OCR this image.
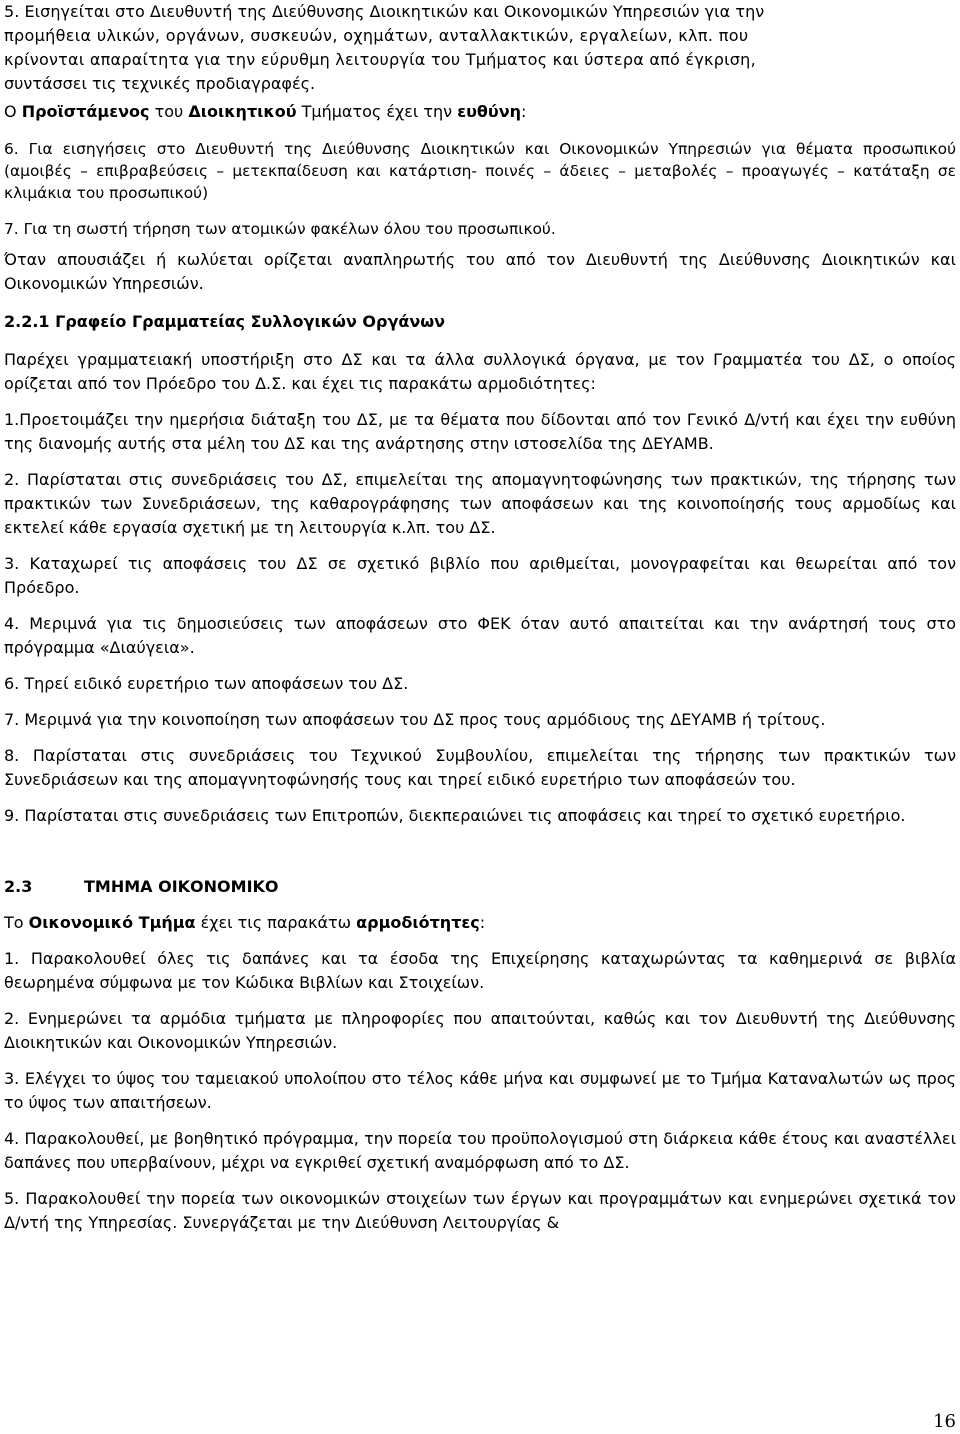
5. Εισηγείται στο Διευθυντή της Διεύθυνσης Διοικητικών και Οικονομικών Υπηρεσιών για την

προμήθεια υλικών, οργάνων, συσκευών, οχημάτων, ανταλλακτικών, εργαλείων, κλπ. που

κρίνονται απαραίτητα για την εύρυθμη λειτουργία του Τμήματος και ύστερα από έγκριση,

συντάσσει τις τεχνικές προδιαγραφές.

Ο Προϊστάμενος του Διοικητικού Τμήματος έχει την ευθύνη:

6. Για εισηγήσεις στο Διευθυντή της Διεύθυνσης Διοικητικών και Οικονομικών Υπηρεσιών για θέματα προσωπικού (αμοιβές – επιβραβεύσεις – μετεκπαίδευση και κατάρτιση- ποινές – άδειες – μεταβολές – προαγωγές – κατάταξη σε κλιμάκια του προσωπικού)

7. Για τη σωστή τήρηση των ατομικών φακέλων όλου του προσωπικού.

Όταν απουσιάζει ή κωλύεται ορίζεται αναπληρωτής του από τον Διευθυντή της Διεύθυνσης Διοικητικών και Οικονομικών Υπηρεσιών.

2.2.1 Γραφείο Γραμματείας Συλλογικών Οργάνων

Παρέχει γραμματειακή υποστήριξη στο ΔΣ και τα άλλα συλλογικά όργανα, με τον Γραμματέα του ΔΣ, ο οποίος ορίζεται από τον Πρόεδρο του Δ.Σ. και έχει τις παρακάτω αρμοδιότητες:

1.Προετοιμάζει την ημερήσια διάταξη του ΔΣ, με τα θέματα που δίδονται από τον Γενικό Δ/ντή και έχει την ευθύνη της διανομής αυτής στα μέλη του ΔΣ και της ανάρτησης στην ιστοσελίδα της ΔΕΥΑΜΒ.

2. Παρίσταται στις συνεδριάσεις του ΔΣ, επιμελείται της απομαγνητοφώνησης των πρακτικών, της τήρησης των πρακτικών των Συνεδριάσεων, της καθαρογράφησης των αποφάσεων και της κοινοποίησής τους αρμοδίως και εκτελεί κάθε εργασία σχετική με τη λειτουργία κ.λπ. του ΔΣ.

3. Καταχωρεί τις αποφάσεις του ΔΣ σε σχετικό βιβλίο που αριθμείται, μονογραφείται και θεωρείται από τον Πρόεδρο.

4. Μεριμνά για τις δημοσιεύσεις των αποφάσεων στο ΦΕΚ όταν αυτό απαιτείται και την ανάρτησή τους στο πρόγραμμα «Διαύγεια».

6. Τηρεί ειδικό ευρετήριο των αποφάσεων του ΔΣ.

7. Μεριμνά για την κοινοποίηση των αποφάσεων του ΔΣ προς τους αρμόδιους της ΔΕΥΑΜΒ ή τρίτους.

8. Παρίσταται στις συνεδριάσεις του Τεχνικού Συμβουλίου, επιμελείται της τήρησης των πρακτικών των Συνεδριάσεων και της απομαγνητοφώνησής τους και τηρεί ειδικό ευρετήριο των αποφάσεών του.

9. Παρίσταται στις συνεδριάσεις των Επιτροπών, διεκπεραιώνει τις αποφάσεις και τηρεί το σχετικό ευρετήριο.

2.3	ΤΜΗΜΑ ΟΙΚΟΝΟΜΙΚΟ

Το Οικονομικό Τμήμα έχει τις παρακάτω αρμοδιότητες:

1. Παρακολουθεί όλες τις δαπάνες και τα έσοδα της Επιχείρησης καταχωρώντας τα καθημερινά σε βιβλία θεωρημένα σύμφωνα με τον Κώδικα Βιβλίων και Στοιχείων.

2. Ενημερώνει τα αρμόδια τμήματα με πληροφορίες που απαιτούνται, καθώς και τον Διευθυντή της Διεύθυνσης Διοικητικών και Οικονομικών Υπηρεσιών.

3. Ελέγχει το ύψος του ταμειακού υπολοίπου στο τέλος κάθε μήνα και συμφωνεί με το Τμήμα Καταναλωτών ως προς το ύψος των απαιτήσεων.

4. Παρακολουθεί, με βοηθητικό πρόγραμμα, την πορεία του προϋπολογισμού στη διάρκεια κάθε έτους και αναστέλλει δαπάνες που υπερβαίνουν, μέχρι να εγκριθεί σχετική αναμόρφωση από το ΔΣ.

5. Παρακολουθεί την πορεία των οικονομικών στοιχείων των έργων και προγραμμάτων και ενημερώνει σχετικά τον Δ/ντή της Υπηρεσίας. Συνεργάζεται με την Διεύθυνση Λειτουργίας &

16
